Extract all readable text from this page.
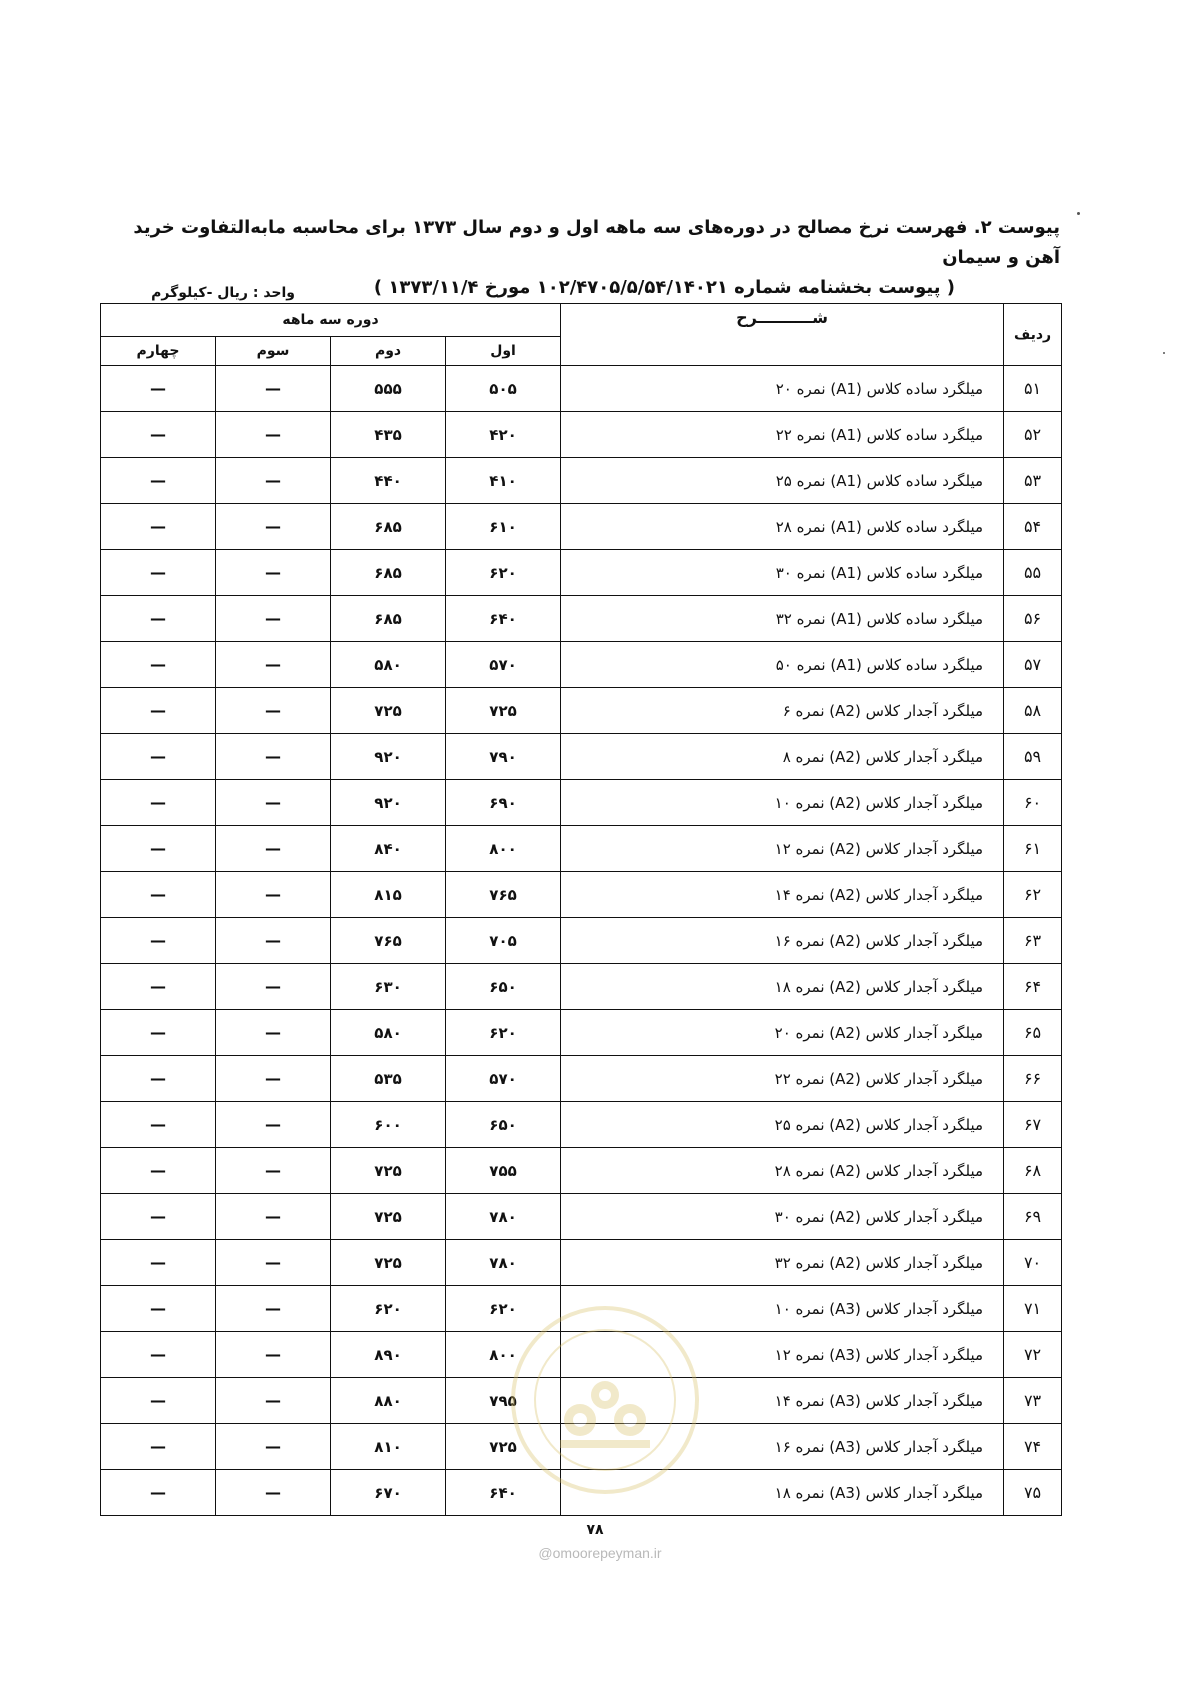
پیوست ۲. فهرست نرخ مصالح در دوره‌های سه ماهه اول و دوم سال ۱۳۷۳ برای محاسبه مابه‌التفاوت خرید آهن و سیمان
( پیوست بخشنامه شماره ۱۰۲/۴۷۰۵/۵/۵۴/۱۴۰۲۱ مورخ ۱۳۷۳/۱۱/۴ )
واحد : ریال -کیلوگرم
ردیف	شــــــــــرح	دوره سه ماهه			
		اول	دوم	سوم	چهارم
۵۱	میلگرد ساده کلاس (A1) نمره ۲۰	۵۰۵	۵۵۵	—	—
۵۲	میلگرد ساده کلاس (A1) نمره ۲۲	۴۲۰	۴۳۵	—	—
۵۳	میلگرد ساده کلاس (A1) نمره ۲۵	۴۱۰	۴۴۰	—	—
۵۴	میلگرد ساده کلاس (A1) نمره ۲۸	۶۱۰	۶۸۵	—	—
۵۵	میلگرد ساده کلاس (A1) نمره ۳۰	۶۲۰	۶۸۵	—	—
۵۶	میلگرد ساده کلاس (A1) نمره ۳۲	۶۴۰	۶۸۵	—	—
۵۷	میلگرد ساده کلاس (A1) نمره ۵۰	۵۷۰	۵۸۰	—	—
۵۸	میلگرد آجدار کلاس (A2) نمره ۶	۷۲۵	۷۲۵	—	—
۵۹	میلگرد آجدار کلاس (A2) نمره ۸	۷۹۰	۹۲۰	—	—
۶۰	میلگرد آجدار کلاس (A2) نمره ۱۰	۶۹۰	۹۲۰	—	—
۶۱	میلگرد آجدار کلاس (A2) نمره ۱۲	۸۰۰	۸۴۰	—	—
۶۲	میلگرد آجدار کلاس (A2) نمره ۱۴	۷۶۵	۸۱۵	—	—
۶۳	میلگرد آجدار کلاس (A2) نمره ۱۶	۷۰۵	۷۶۵	—	—
۶۴	میلگرد آجدار کلاس (A2) نمره ۱۸	۶۵۰	۶۳۰	—	—
۶۵	میلگرد آجدار کلاس (A2) نمره ۲۰	۶۲۰	۵۸۰	—	—
۶۶	میلگرد آجدار کلاس (A2) نمره ۲۲	۵۷۰	۵۳۵	—	—
۶۷	میلگرد آجدار کلاس (A2) نمره ۲۵	۶۵۰	۶۰۰	—	—
۶۸	میلگرد آجدار کلاس (A2) نمره ۲۸	۷۵۵	۷۲۵	—	—
۶۹	میلگرد آجدار کلاس (A2) نمره ۳۰	۷۸۰	۷۲۵	—	—
۷۰	میلگرد آجدار کلاس (A2) نمره ۳۲	۷۸۰	۷۲۵	—	—
۷۱	میلگرد آجدار کلاس (A3) نمره ۱۰	۶۲۰	۶۲۰	—	—
۷۲	میلگرد آجدار کلاس (A3) نمره ۱۲	۸۰۰	۸۹۰	—	—
۷۳	میلگرد آجدار کلاس (A3) نمره ۱۴	۷۹۵	۸۸۰	—	—
۷۴	میلگرد آجدار کلاس (A3) نمره ۱۶	۷۲۵	۸۱۰	—	—
۷۵	میلگرد آجدار کلاس (A3) نمره ۱۸	۶۴۰	۶۷۰	—	—
۷۸
@omoorepeyman.ir
